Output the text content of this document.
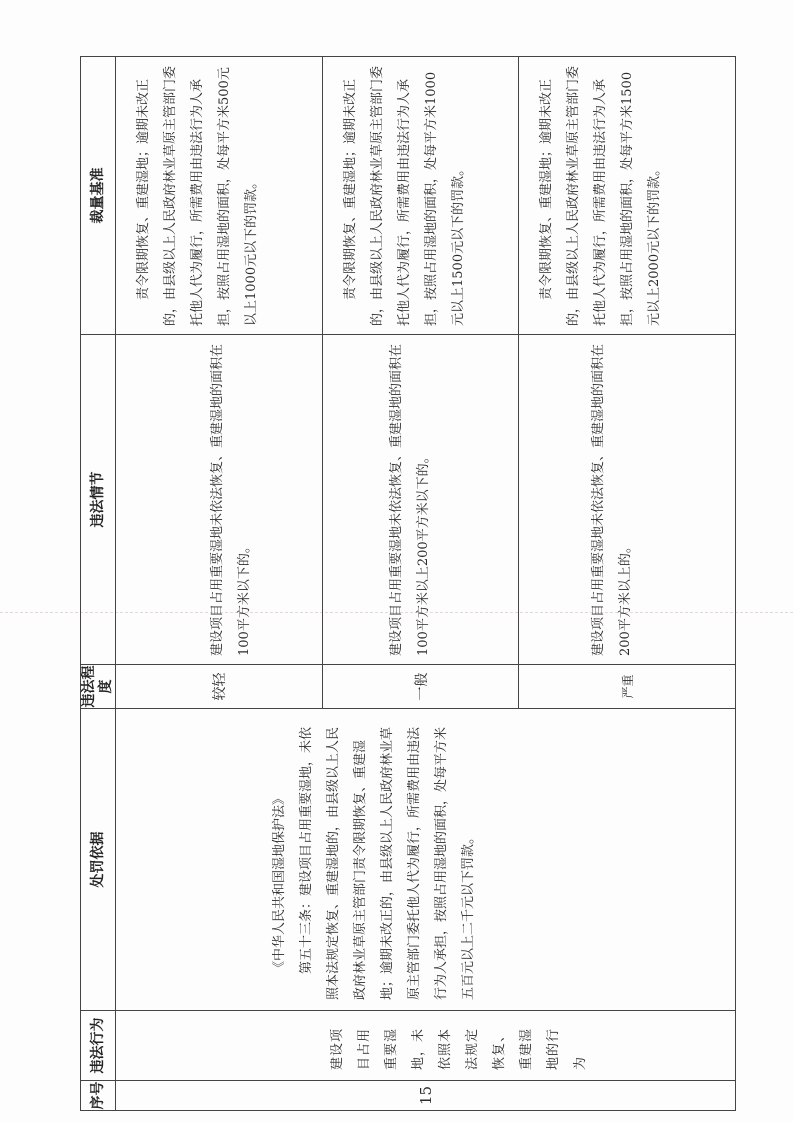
序号	违法行为	处罚依据	违法程度	违法情节	裁量基准
15	建设项目占用重要湿地，未依照本法规定恢复、重建湿地的行为	《中华人民共和国湿地保护法》 第五十三条：建设项目占用重要湿地，未依照本法规定恢复、重建湿地的，由县级以上人民政府林业草原主管部门责令限期恢复、重建湿地；逾期未改正的，由县级以上人民政府林业草原主管部门委托他人代为履行，所需费用由违法行为人承担，按照占用湿地的面积，处每平方米五百元以上二千元以下罚款。	较轻	建设项目占用重要湿地未依法恢复、重建湿地的面积在100平方米以下的。	责令限期恢复、重建湿地；逾期未改正的，由县级以上人民政府林业草原主管部门委托他人代为履行，所需费用由违法行为人承担，按照占用湿地的面积，处每平方米500元以上1000元以下的罚款。
			一般	建设项目占用重要湿地未依法恢复、重建湿地的面积在100平方米以上200平方米以下的。	责令限期恢复、重建湿地；逾期未改正的，由县级以上人民政府林业草原主管部门委托他人代为履行，所需费用由违法行为人承担，按照占用湿地的面积，处每平方米1000元以上1500元以下的罚款。
			严重	建设项目占用重要湿地未依法恢复、重建湿地的面积在200平方米以上的。	责令限期恢复、重建湿地；逾期未改正的，由县级以上人民政府林业草原主管部门委托他人代为履行，所需费用由违法行为人承担，按照占用湿地的面积，处每平方米1500元以上2000元以下的罚款。
